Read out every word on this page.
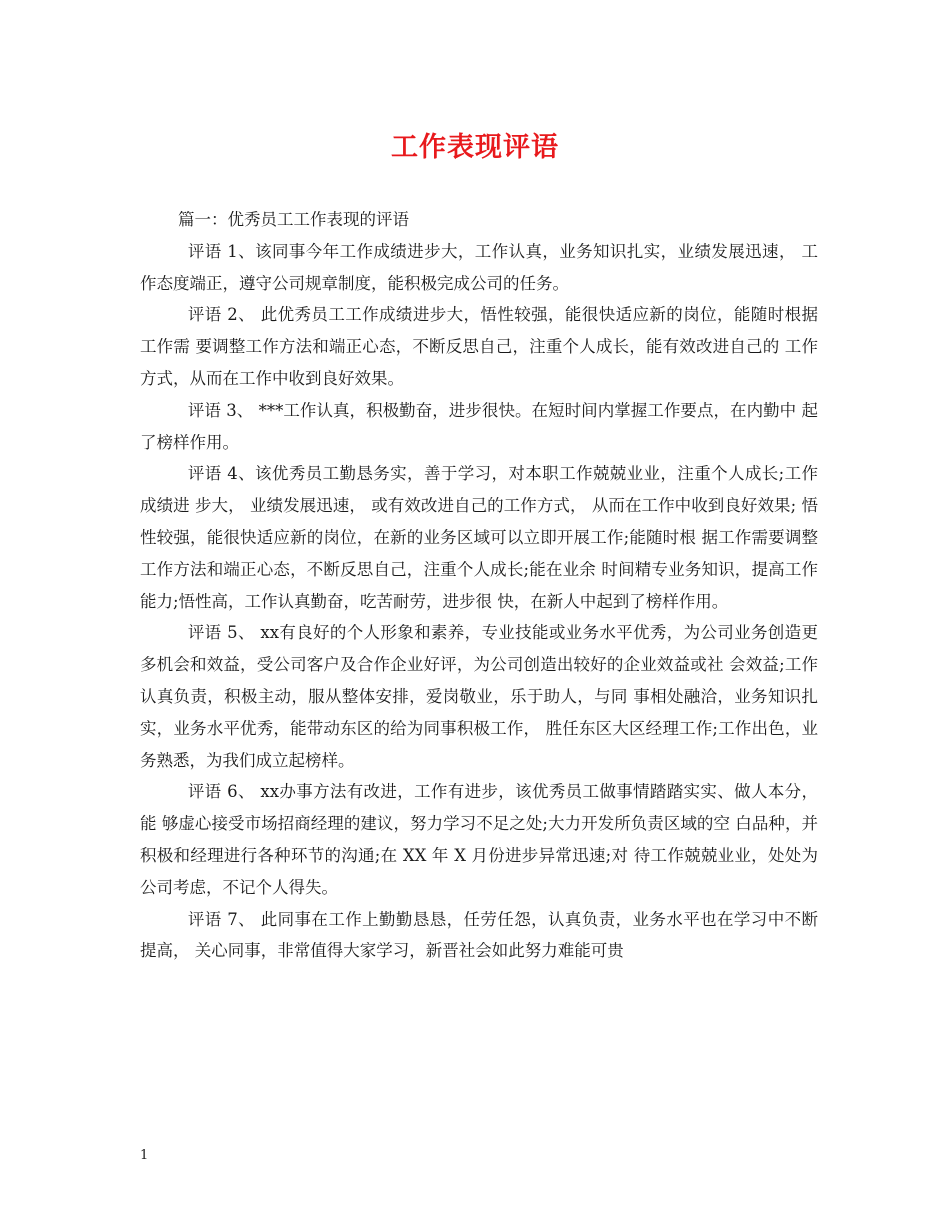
工作表现评语

篇一：优秀员工工作表现的评语

评语 1、该同事今年工作成绩进步大，工作认真，业务知识扎实，业绩发展迅速， 工作态度端正，遵守公司规章制度，能积极完成公司的任务。

评语 2、 此优秀员工工作成绩进步大，悟性较强，能很快适应新的岗位，能随时根据工作需 要调整工作方法和端正心态，不断反思自己，注重个人成长，能有效改进自己的 工作方式，从而在工作中收到良好效果。

评语 3、 ***工作认真，积极勤奋，进步很快。在短时间内掌握工作要点，在内勤中 起了榜样作用。

评语 4、该优秀员工勤恳务实，善于学习，对本职工作兢兢业业，注重个人成长;工作成绩进 步大， 业绩发展迅速， 或有效改进自己的工作方式， 从而在工作中收到良好效果; 悟性较强，能很快适应新的岗位，在新的业务区域可以立即开展工作;能随时根 据工作需要调整工作方法和端正心态，不断反思自己，注重个人成长;能在业余 时间精专业务知识，提高工作能力;悟性高，工作认真勤奋，吃苦耐劳，进步很 快，在新人中起到了榜样作用。

评语 5、 xx有良好的个人形象和素养，专业技能或业务水平优秀，为公司业务创造更 多机会和效益，受公司客户及合作企业好评，为公司创造出较好的企业效益或社 会效益;工作认真负责，积极主动，服从整体安排，爱岗敬业，乐于助人，与同 事相处融洽，业务知识扎实，业务水平优秀，能带动东区的给为同事积极工作， 胜任东区大区经理工作;工作出色，业务熟悉，为我们成立起榜样。

评语 6、 xx办事方法有改进，工作有进步，该优秀员工做事情踏踏实实、做人本分，能 够虚心接受市场招商经理的建议，努力学习不足之处;大力开发所负责区域的空 白品种，并积极和经理进行各种环节的沟通;在 XX 年 X 月份进步异常迅速;对 待工作兢兢业业，处处为公司考虑，不记个人得失。

评语 7、 此同事在工作上勤勤恳恳，任劳任怨，认真负责，业务水平也在学习中不断提高， 关心同事，非常值得大家学习，新晋社会如此努力难能可贵

1
